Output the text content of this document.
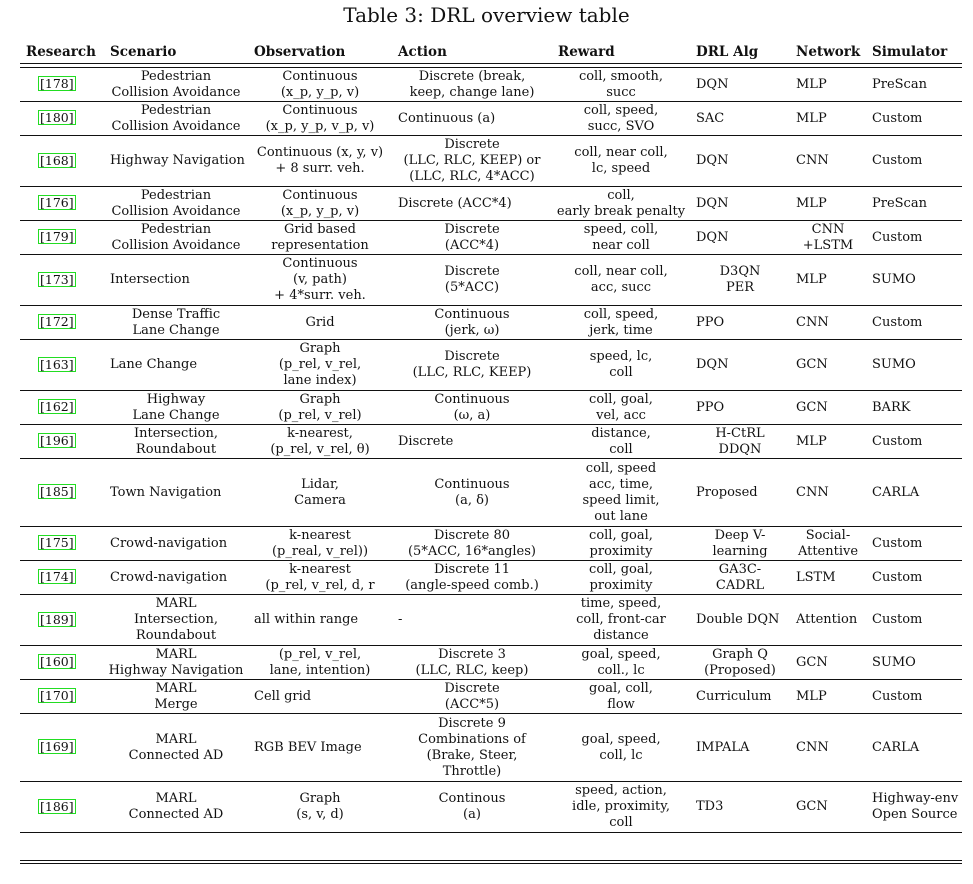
Table 3: DRL overview table
Research	Scenario	Observation	Action	Reward	DRL Alg	Network	Simulator

[178]	Pedestrian
Collision Avoidance	Continuous
(x_p, y_p, v)	Discrete (break,
keep, change lane)	coll, smooth,
succ	DQN	MLP	PreScan

[180]	Pedestrian
Collision Avoidance	Continuous
(x_p, y_p, v_p, v)	Continuous (a)	coll, speed,
succ, SVO	SAC	MLP	Custom

[168]	Highway Navigation	Continuous (x, y, v)
+ 8 surr. veh.	Discrete
(LLC, RLC, KEEP) or
(LLC, RLC, 4*ACC)	coll, near coll,
lc, speed	DQN	CNN	Custom

[176]	Pedestrian
Collision Avoidance	Continuous
(x_p, y_p, v)	Discrete (ACC*4)	coll,
early break penalty	DQN	MLP	PreScan

[179]	Pedestrian
Collision Avoidance	Grid based
representation	Discrete
(ACC*4)	speed, coll,
near coll	DQN	CNN
+LSTM	Custom

[173]	Intersection	Continuous
(v, path)
+ 4*surr. veh.	Discrete
(5*ACC)	coll, near coll,
acc, succ	D3QN
PER	MLP	SUMO

[172]	Dense Traffic
Lane Change	Grid	Continuous
(jerk, ω)	coll, speed,
jerk, time	PPO	CNN	Custom

[163]	Lane Change	Graph
(p_rel, v_rel,
lane index)	Discrete
(LLC, RLC, KEEP)	speed, lc,
coll	DQN	GCN	SUMO

[162]	Highway
Lane Change	Graph
(p_rel, v_rel)	Continuous
(ω, a)	coll, goal,
vel, acc	PPO	GCN	BARK

[196]	Intersection,
Roundabout	k-nearest,
(p_rel, v_rel, θ)	Discrete	distance,
coll	H-CtRL
DDQN	MLP	Custom

[185]	Town Navigation	Lidar,
Camera	Continuous
(a, δ)	coll, speed
acc, time,
speed limit,
out lane	Proposed	CNN	CARLA

[175]	Crowd-navigation	k-nearest
(p_real, v_rel))	Discrete 80
(5*ACC, 16*angles)	coll, goal,
proximity	Deep V-
learning	Social-
Attentive	Custom

[174]	Crowd-navigation	k-nearest
(p_rel, v_rel, d, r	Discrete 11
(angle-speed comb.)	coll, goal,
proximity	GA3C-
CADRL	LSTM	Custom

[189]	MARL
Intersection,
Roundabout	all within range	-	time, speed,
coll, front-car
distance	Double DQN	Attention	Custom

[160]	MARL
Highway Navigation	(p_rel, v_rel,
lane, intention)	Discrete 3
(LLC, RLC, keep)	goal, speed,
coll., lc	Graph Q
(Proposed)	GCN	SUMO

[170]	MARL
Merge	Cell grid	Discrete
(ACC*5)	goal, coll,
flow	Curriculum	MLP	Custom

[169]	MARL
Connected AD	RGB BEV Image	Discrete 9
Combinations of
(Brake, Steer,
Throttle)	goal, speed,
coll, lc	IMPALA	CNN	CARLA

[186]	MARL
Connected AD	Graph
(s, v, d)	Continous
(a)	speed, action,
idle, proximity,
coll	TD3	GCN	Highway-env
Open Source
